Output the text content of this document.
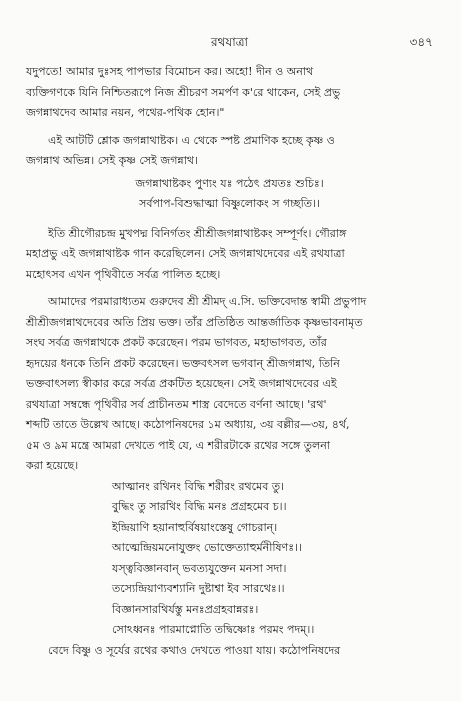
রথযাত্রা	৩৪৭

যদুপতে! আমার দুঃসহ পাপভার বিমোচন কর। অহো! দীন ও অনাথ
ব্যক্তিগণকে যিনি নিশ্চিতরূপে নিজ শ্রীচরণ সমর্পণ ক'রে থাকেন, সেই প্রভু
জগন্নাথদেব আমার নয়ন, পথের-পথিক হোন।"

এই আটটি শ্লোক জগন্নাথাষ্টক। এ থেকে স্পষ্ট প্রমাণিক হচ্ছে কৃষ্ণ ও
জগন্নাথ অভিন্ন। সেই কৃষ্ণ সেই জগন্নাথ।

জগন্নাথাষ্টকং পুণ্যং যঃ পঠেৎ প্রযতঃ শুচিঃ।
সর্বপাপ-বিশুদ্ধাত্মা বিষ্ণুলোকং স গচ্ছতি।।

ইতি শ্রীগৌরচন্দ্র মুখপদ্ম বিনির্গতং শ্রীশ্রীজগন্নাথাষ্টকং সম্পূর্ণং। গৌরাঙ্গ
মহাপ্রভু এই জগন্নাথাষ্টক গান করেছিলেন। সেই জগন্নাথদেবের এই রথযাত্রা
মহোৎসব এখন পৃথিবীতে সর্বত্র পালিত হচ্ছে।

আমাদের পরমারাধ্যতম গুরুদেব শ্রী শ্রীমদ্ এ.সি. ভক্তিবেদান্ত স্বামী প্রভুপাদ
শ্রীশ্রীজগন্নাথদেবের অতি প্রিয় ভক্ত। তাঁর প্রতিষ্ঠিত আন্তর্জাতিক কৃষ্ণভাবনামৃত
সংঘ সর্বত্র জগন্নাথকে প্রকট করেছেন। পরম ভাগবত, মহাভাগবত, তাঁর
হৃদয়ের ধনকে তিনি প্রকট করেছেন। ভক্তবৎসল ভগবান্ শ্রীজগন্নাথ, তিনি
ভক্তবাৎসল্য স্বীকার করে সর্বত্র প্রকটিত হয়েছেন। সেই জগন্নাথদেবের এই
রথযাত্রা সম্বন্ধে পৃথিবীর সর্ব প্রাচীনতম শাস্ত্র বেদেতে বর্ণনা আছে। 'রথ'
শব্দটি তাতে উল্লেখ আছে। কঠোপনিষদের ১ম অধ্যায়, ৩য় বল্লীর—৩য়, ৪র্থ,
৫ম ও ৯ম মন্ত্রে আমরা দেখতে পাই যে, এ শরীরটাকে রথের সঙ্গে তুলনা
করা হয়েছে।

আত্মানং রথিনং বিদ্ধি শরীরং রথমেব তু।
বুদ্ধিং তু সারথিং বিদ্ধি মনঃ প্রগ্রহমেব চ।।
ইন্দ্রিয়াণি হয়ানাহুর্বিষয়াংস্তেষু গোচরান্।
আত্মেন্দ্রিয়মনোযুক্তং ভোক্তেত্যাহুর্মনীষিণঃ।।
যস্ত্ববিজ্ঞানবান্ ভবত্যযুক্তেন মনসা সদা।
তস্যেন্দ্রিয়াণ্যবশ্যানি দুষ্টাশ্বা ইব সারথেঃ।।
বিজ্ঞানসারথির্যস্তু মনঃপ্রগ্রহবান্নরঃ।
সোঽধ্বনঃ পারমাপ্নোতি তদ্বিষ্ণোঃ পরমং পদম্।।

বেদে বিষ্ণু ও সূর্যের রথের কথাও দেখতে পাওয়া যায়। কঠোপনিষদের
